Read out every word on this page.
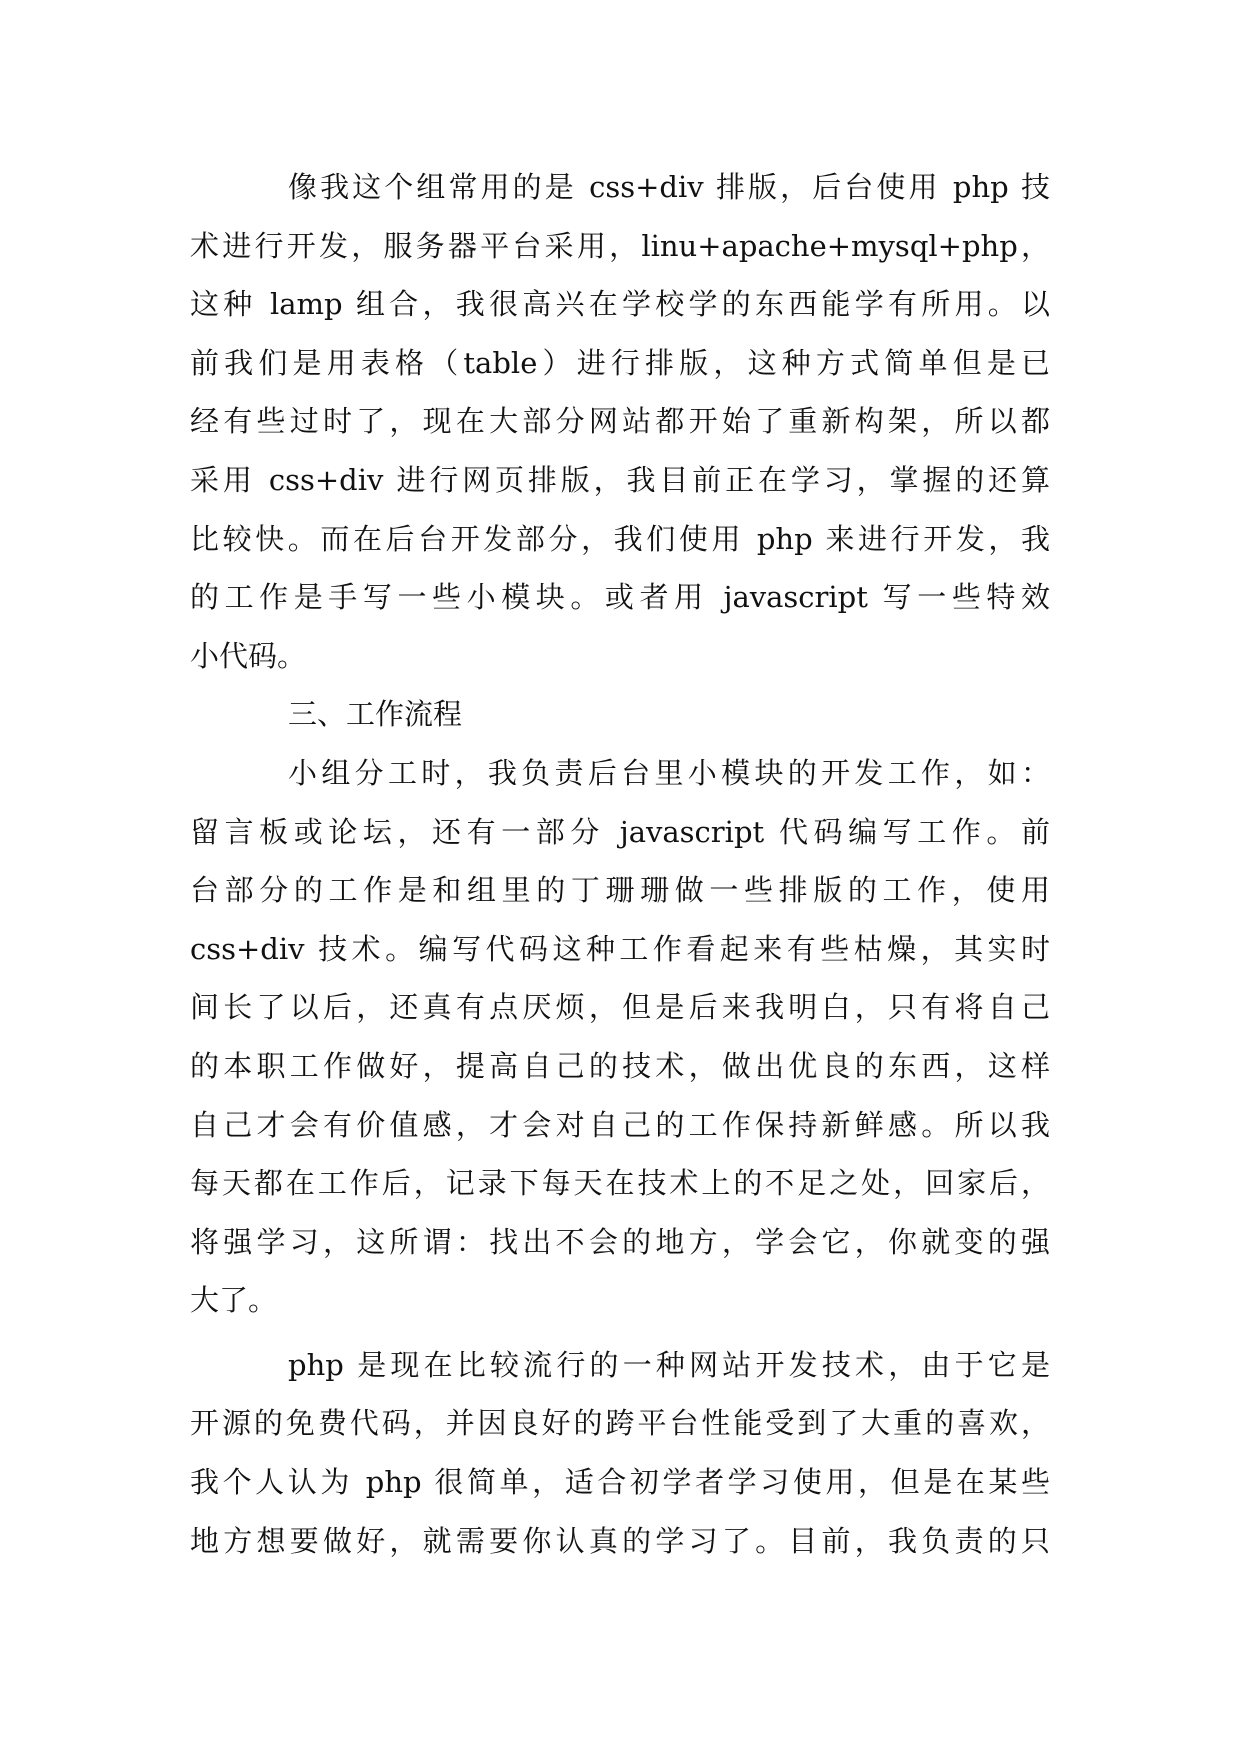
像我这个组常用的是 css+div 排版，后台使用 php 技
术进行开发，服务器平台采用，linu+apache+mysql+php，
这种 lamp 组合，我很高兴在学校学的东西能学有所用。以
前我们是用表格（table）进行排版，这种方式简单但是已
经有些过时了，现在大部分网站都开始了重新构架，所以都
采用 css+div 进行网页排版，我目前正在学习，掌握的还算
比较快。而在后台开发部分，我们使用 php 来进行开发，我
的工作是手写一些小模块。或者用 javascript 写一些特效
小代码。
三、工作流程
小组分工时，我负责后台里小模块的开发工作，如：
留言板或论坛，还有一部分 javascript 代码编写工作。前
台部分的工作是和组里的丁珊珊做一些排版的工作，使用
css+div 技术。编写代码这种工作看起来有些枯燥，其实时
间长了以后，还真有点厌烦，但是后来我明白，只有将自己
的本职工作做好，提高自己的技术，做出优良的东西，这样
自己才会有价值感，才会对自己的工作保持新鲜感。所以我
每天都在工作后，记录下每天在技术上的不足之处，回家后，
将强学习，这所谓：找出不会的地方，学会它，你就变的强
大了。
php 是现在比较流行的一种网站开发技术，由于它是
开源的免费代码，并因良好的跨平台性能受到了大重的喜欢，
我个人认为 php 很简单，适合初学者学习使用，但是在某些
地方想要做好，就需要你认真的学习了。目前，我负责的只
